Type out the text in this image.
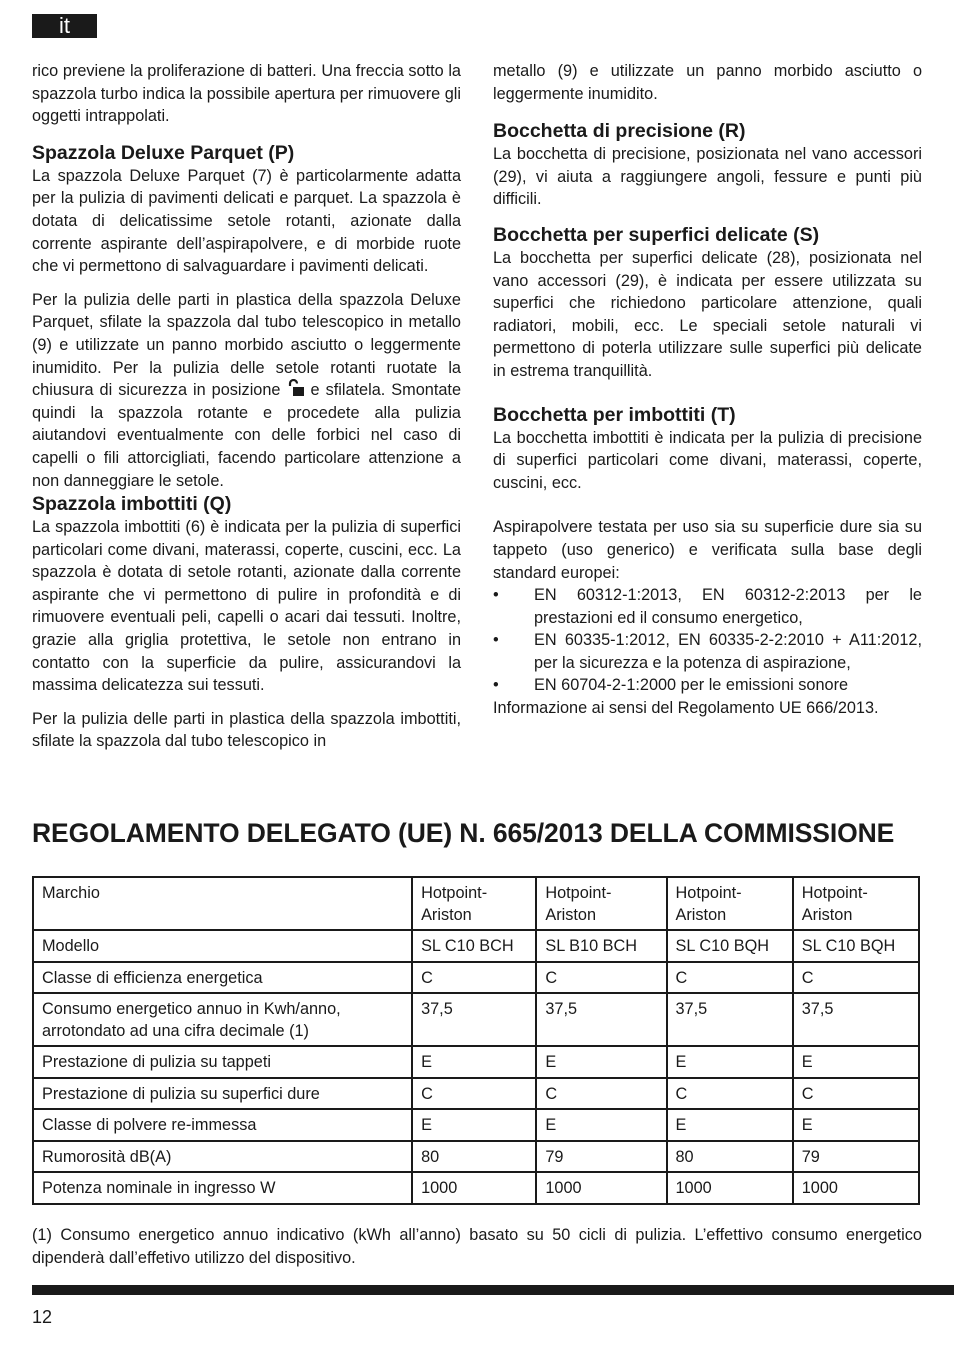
it

rico previene la proliferazione di batteri. Una freccia sotto la spazzola turbo indica la possibile apertura per rimuovere gli oggetti intrappolati.

Spazzola Deluxe Parquet (P)

La spazzola Deluxe Parquet (7) è particolarmente adatta per la pulizia di pavimenti delicati e parquet. La spazzola è dotata di delicatissime setole rotanti, azionate dalla corrente aspirante dell’aspirapolvere, e di morbide ruote che vi permettono di salvaguardare i pavimenti delicati.

Per la pulizia delle parti in plastica della spazzola Deluxe Parquet, sfilate la spazzola dal tubo telescopico in metallo (9) e utilizzate un panno morbido asciutto o leggermente inumidito. Per la pulizia delle setole rotanti ruotate la chiusura di sicurezza in posizione  e sfilatela. Smontate quindi la spazzola rotante e procedete alla pulizia aiutandovi eventualmente con delle forbici nel caso di capelli o fili attorcigliati, facendo particolare attenzione a non danneggiare le setole.

Spazzola imbottiti (Q)

La spazzola imbottiti (6) è indicata per la pulizia di superfici particolari come divani, materassi, coperte, cuscini, ecc. La spazzola è dotata di setole rotanti, azionate dalla corrente aspirante che vi permettono di pulire in profondità e di rimuovere eventuali peli, capelli o acari dai tessuti. Inoltre, grazie alla griglia protettiva, le setole non entrano in contatto con la superficie da pulire, assicurandovi la massima delicatezza sui tessuti.

Per la pulizia delle parti in plastica della spazzola imbottiti, sfilate la spazzola dal tubo telescopico in

metallo (9) e utilizzate un panno morbido asciutto o leggermente inumidito.

Bocchetta di precisione (R)

La bocchetta di precisione, posizionata nel vano accessori (29), vi aiuta a raggiungere angoli, fessure e punti più difficili.

Bocchetta per superfici delicate (S)

La bocchetta per superfici delicate (28), posizionata nel vano accessori (29), è indicata per essere utilizzata su superfici che richiedono particolare attenzione, quali radiatori, mobili, ecc. Le speciali setole naturali vi permettono di poterla utilizzare sulle superfici più delicate in estrema tranquillità.

Bocchetta per imbottiti (T)

La bocchetta imbottiti è indicata per la pulizia di precisione di superfici particolari come divani, materassi, coperte, cuscini, ecc.

Aspirapolvere testata per uso sia su superficie dure sia su tappeto (uso generico) e verificata sulla base degli standard europei:

•	EN 60312-1:2013, EN 60312-2:2013 per le prestazioni ed il consumo energetico,
•	EN 60335-1:2012, EN 60335-2-2:2010 + A11:2012, per la sicurezza e la potenza di aspirazione,
•	EN 60704-2-1:2000 per le emissioni sonore

Informazione ai sensi del Regolamento UE 666/2013.

REGOLAMENTO DELEGATO (UE) N. 665/2013 DELLA COMMISSIONE
Marchio	Hotpoint-Ariston	Hotpoint-Ariston	Hotpoint-Ariston	Hotpoint-Ariston
Modello	SL C10 BCH	SL B10 BCH	SL C10 BQH	SL C10 BQH
Classe di efficienza energetica	C	C	C	C
Consumo energetico annuo in Kwh/anno, arrotondato ad una cifra decimale (1)	37,5	37,5	37,5	37,5
Prestazione di pulizia su tappeti	E	E	E	E
Prestazione di pulizia su superfici dure	C	C	C	C
Classe di polvere re-immessa	E	E	E	E
Rumorosità dB(A)	80	79	80	79
Potenza nominale in ingresso W	1000	1000	1000	1000

(1) Consumo energetico annuo indicativo (kWh all’anno) basato su 50 cicli di pulizia. L’effettivo consumo energetico dipenderà dall’effetivo utilizzo del dispositivo.

12
